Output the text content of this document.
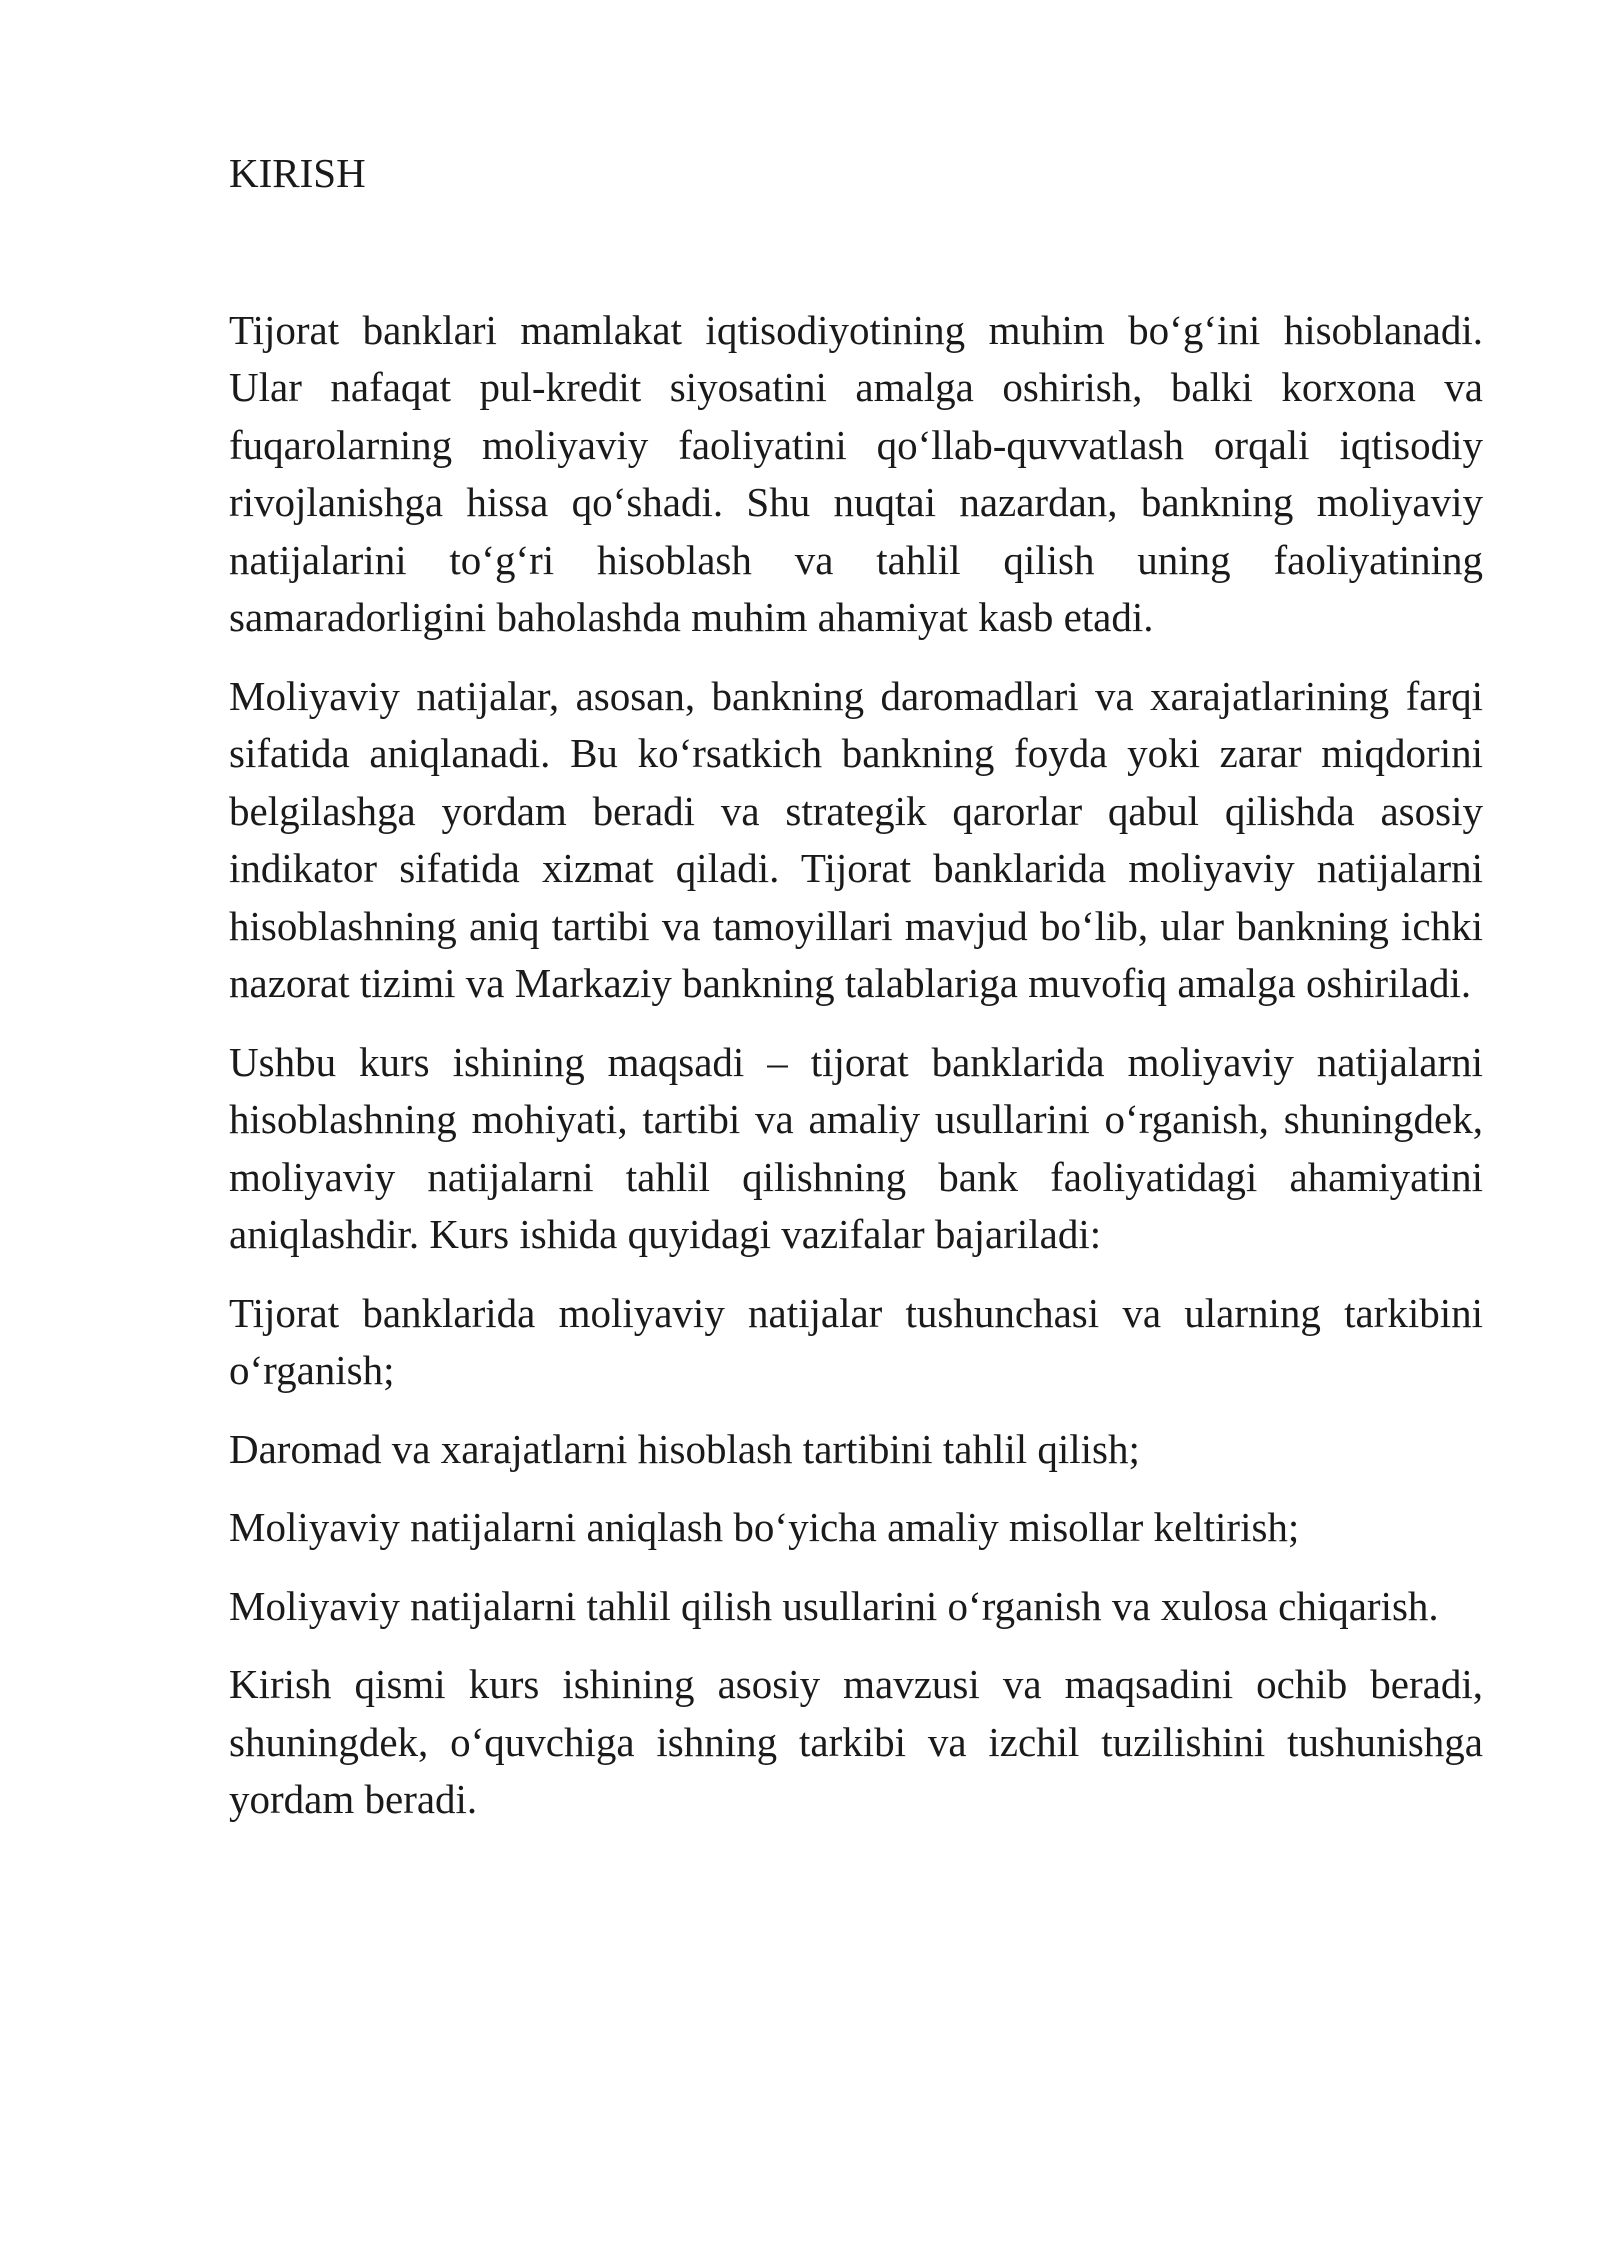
KIRISH

Tijorat banklari mamlakat iqtisodiyotining muhim bo‘g‘ini hisoblanadi. Ular nafaqat pul-kredit siyosatini amalga oshirish, balki korxona va fuqarolarning moliyaviy faoliyatini qo‘llab-quvvatlash orqali iqtisodiy rivojlanishga hissa qo‘shadi. Shu nuqtai nazardan, bankning moliyaviy natijalarini to‘g‘ri hisoblash va tahlil qilish uning faoliyatining samaradorligini baholashda muhim ahamiyat kasb etadi.

Moliyaviy natijalar, asosan, bankning daromadlari va xarajatlarining farqi sifatida aniqlanadi. Bu ko‘rsatkich bankning foyda yoki zarar miqdorini belgilashga yordam beradi va strategik qarorlar qabul qilishda asosiy indikator sifatida xizmat qiladi. Tijorat banklarida moliyaviy natijalarni hisoblashning aniq tartibi va tamoyillari mavjud bo‘lib, ular bankning ichki nazorat tizimi va Markaziy bankning talablariga muvofiq amalga oshiriladi.

Ushbu kurs ishining maqsadi – tijorat banklarida moliyaviy natijalarni hisoblashning mohiyati, tartibi va amaliy usullarini o‘rganish, shuningdek, moliyaviy natijalarni tahlil qilishning bank faoliyatidagi ahamiyatini aniqlashdir. Kurs ishida quyidagi vazifalar bajariladi:

Tijorat banklarida moliyaviy natijalar tushunchasi va ularning tarkibini o‘rganish;

Daromad va xarajatlarni hisoblash tartibini tahlil qilish;

Moliyaviy natijalarni aniqlash bo‘yicha amaliy misollar keltirish;

Moliyaviy natijalarni tahlil qilish usullarini o‘rganish va xulosa chiqarish.

Kirish qismi kurs ishining asosiy mavzusi va maqsadini ochib beradi, shuningdek, o‘quvchiga ishning tarkibi va izchil tuzilishini tushunishga yordam beradi.
